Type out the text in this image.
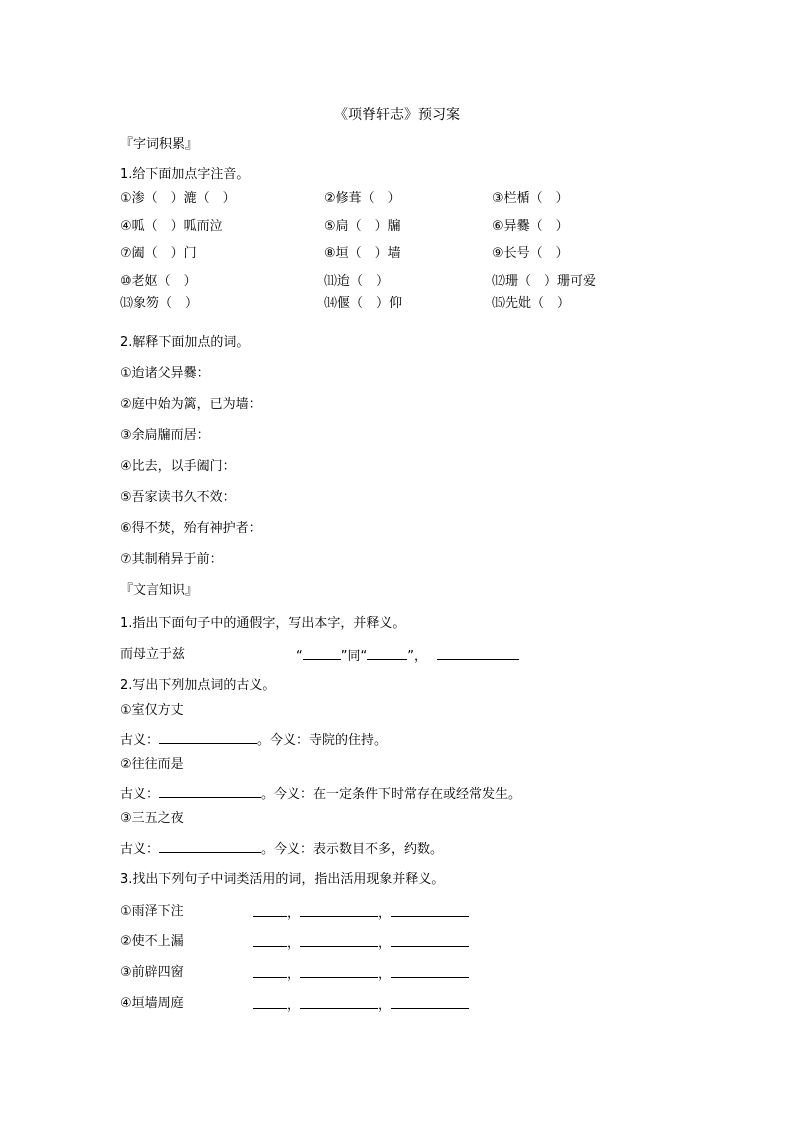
《项脊轩志》预习案
『字词积累』
1.给下面加点字注音。
①渗（　）漉（　）	②修葺（　）	③栏楯（　）
④呱（　）呱而泣	⑤扃（　）牖	⑥异爨（　）
⑦阖（　）门	⑧垣（　）墙	⑨长号（　）
⑩老妪（　）	⑾迨（　）	⑿珊（　）珊可爱
⒀象笏（　）	⒁偃（　）仰	⒂先妣（　）
2.解释下面加点的词。
①迨诸父异爨：
②庭中始为篱，已为墙：
③余扃牖而居：
④比去，以手阖门：
⑤吾家读书久不效：
⑥得不焚，殆有神护者：
⑦其制稍异于前：
『文言知识』
1.指出下面句子中的通假字，写出本字，并释义。
而母立于兹	“	”同“	”，
2.写出下列加点词的古义。
①室仅方丈
古义：	。今义：寺院的住持。
②往往而是
古义：	。今义：在一定条件下时常存在或经常发生。
③三五之夜
古义：	。今义：表示数目不多，约数。
3.找出下列句子中词类活用的词，指出活用现象并释义。
①雨泽下注	，	，
②使不上漏	，	，
③前辟四窗	，	，
④垣墙周庭	，	，
